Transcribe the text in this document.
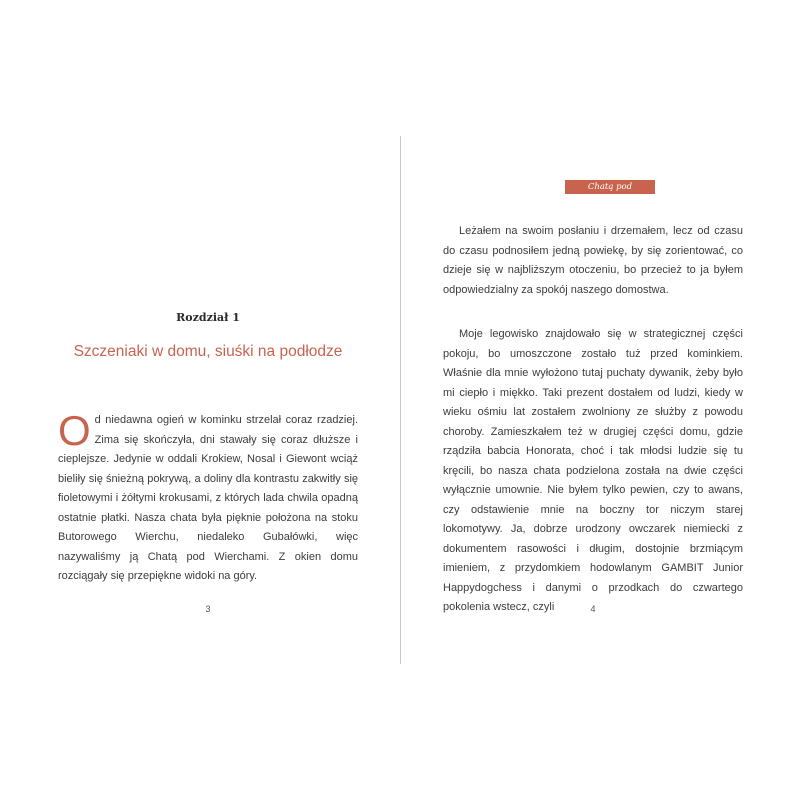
Rozdział 1
Szczeniaki w domu, siuśki na podłodze
Od niedawna ogień w kominku strzelał coraz rzadziej. Zima się skończyła, dni stawały się coraz dłuższe i cieplejsze. Jedynie w oddali Krokiew, Nosal i Giewont wciąż bieliły się śnieżną pokrywą, a doliny dla kontrastu zakwitły się fioletowymi i żółtymi krokusami, z których lada chwila opadną ostatnie płatki. Nasza chata była pięknie położona na stoku Butorowego Wierchu, niedaleko Gubałówki, więc nazywaliśmy ją Chatą pod Wierchami. Z okien domu rozciągały się przepiękne widoki na góry.
3
Chatą pod Wierchami

Leżałem na swoim posłaniu i drzemałem, lecz od czasu do czasu podnosiłem jedną powiekę, by się zorientować, co dzieje się w najbliższym otoczeniu, bo przecież to ja byłem odpowiedzialny za spokój naszego domostwa.

Moje legowisko znajdowało się w strategicznej części pokoju, bo umoszczone zostało tuż przed kominkiem. Właśnie dla mnie wyłożono tutaj puchaty dywanik, żeby było mi ciepło i miękko. Taki prezent dostałem od ludzi, kiedy w wieku ośmiu lat zostałem zwolniony ze służby z powodu choroby. Zamieszkałem też w drugiej części domu, gdzie rządziła babcia Honorata, choć i tak młodsi ludzie się tu kręcili, bo nasza chata podzielona została na dwie części wyłącznie umownie. Nie byłem tylko pewien, czy to awans, czy odstawienie mnie na boczny tor niczym starej lokomotywy. Ja, dobrze urodzony owczarek niemiecki z dokumentem rasowości i długim, dostojnie brzmiącym imieniem, z przydomkiem hodowlanym GAMBIT Junior Happydogchess i danymi o przodkach do czwartego pokolenia wstecz, czyli	4
